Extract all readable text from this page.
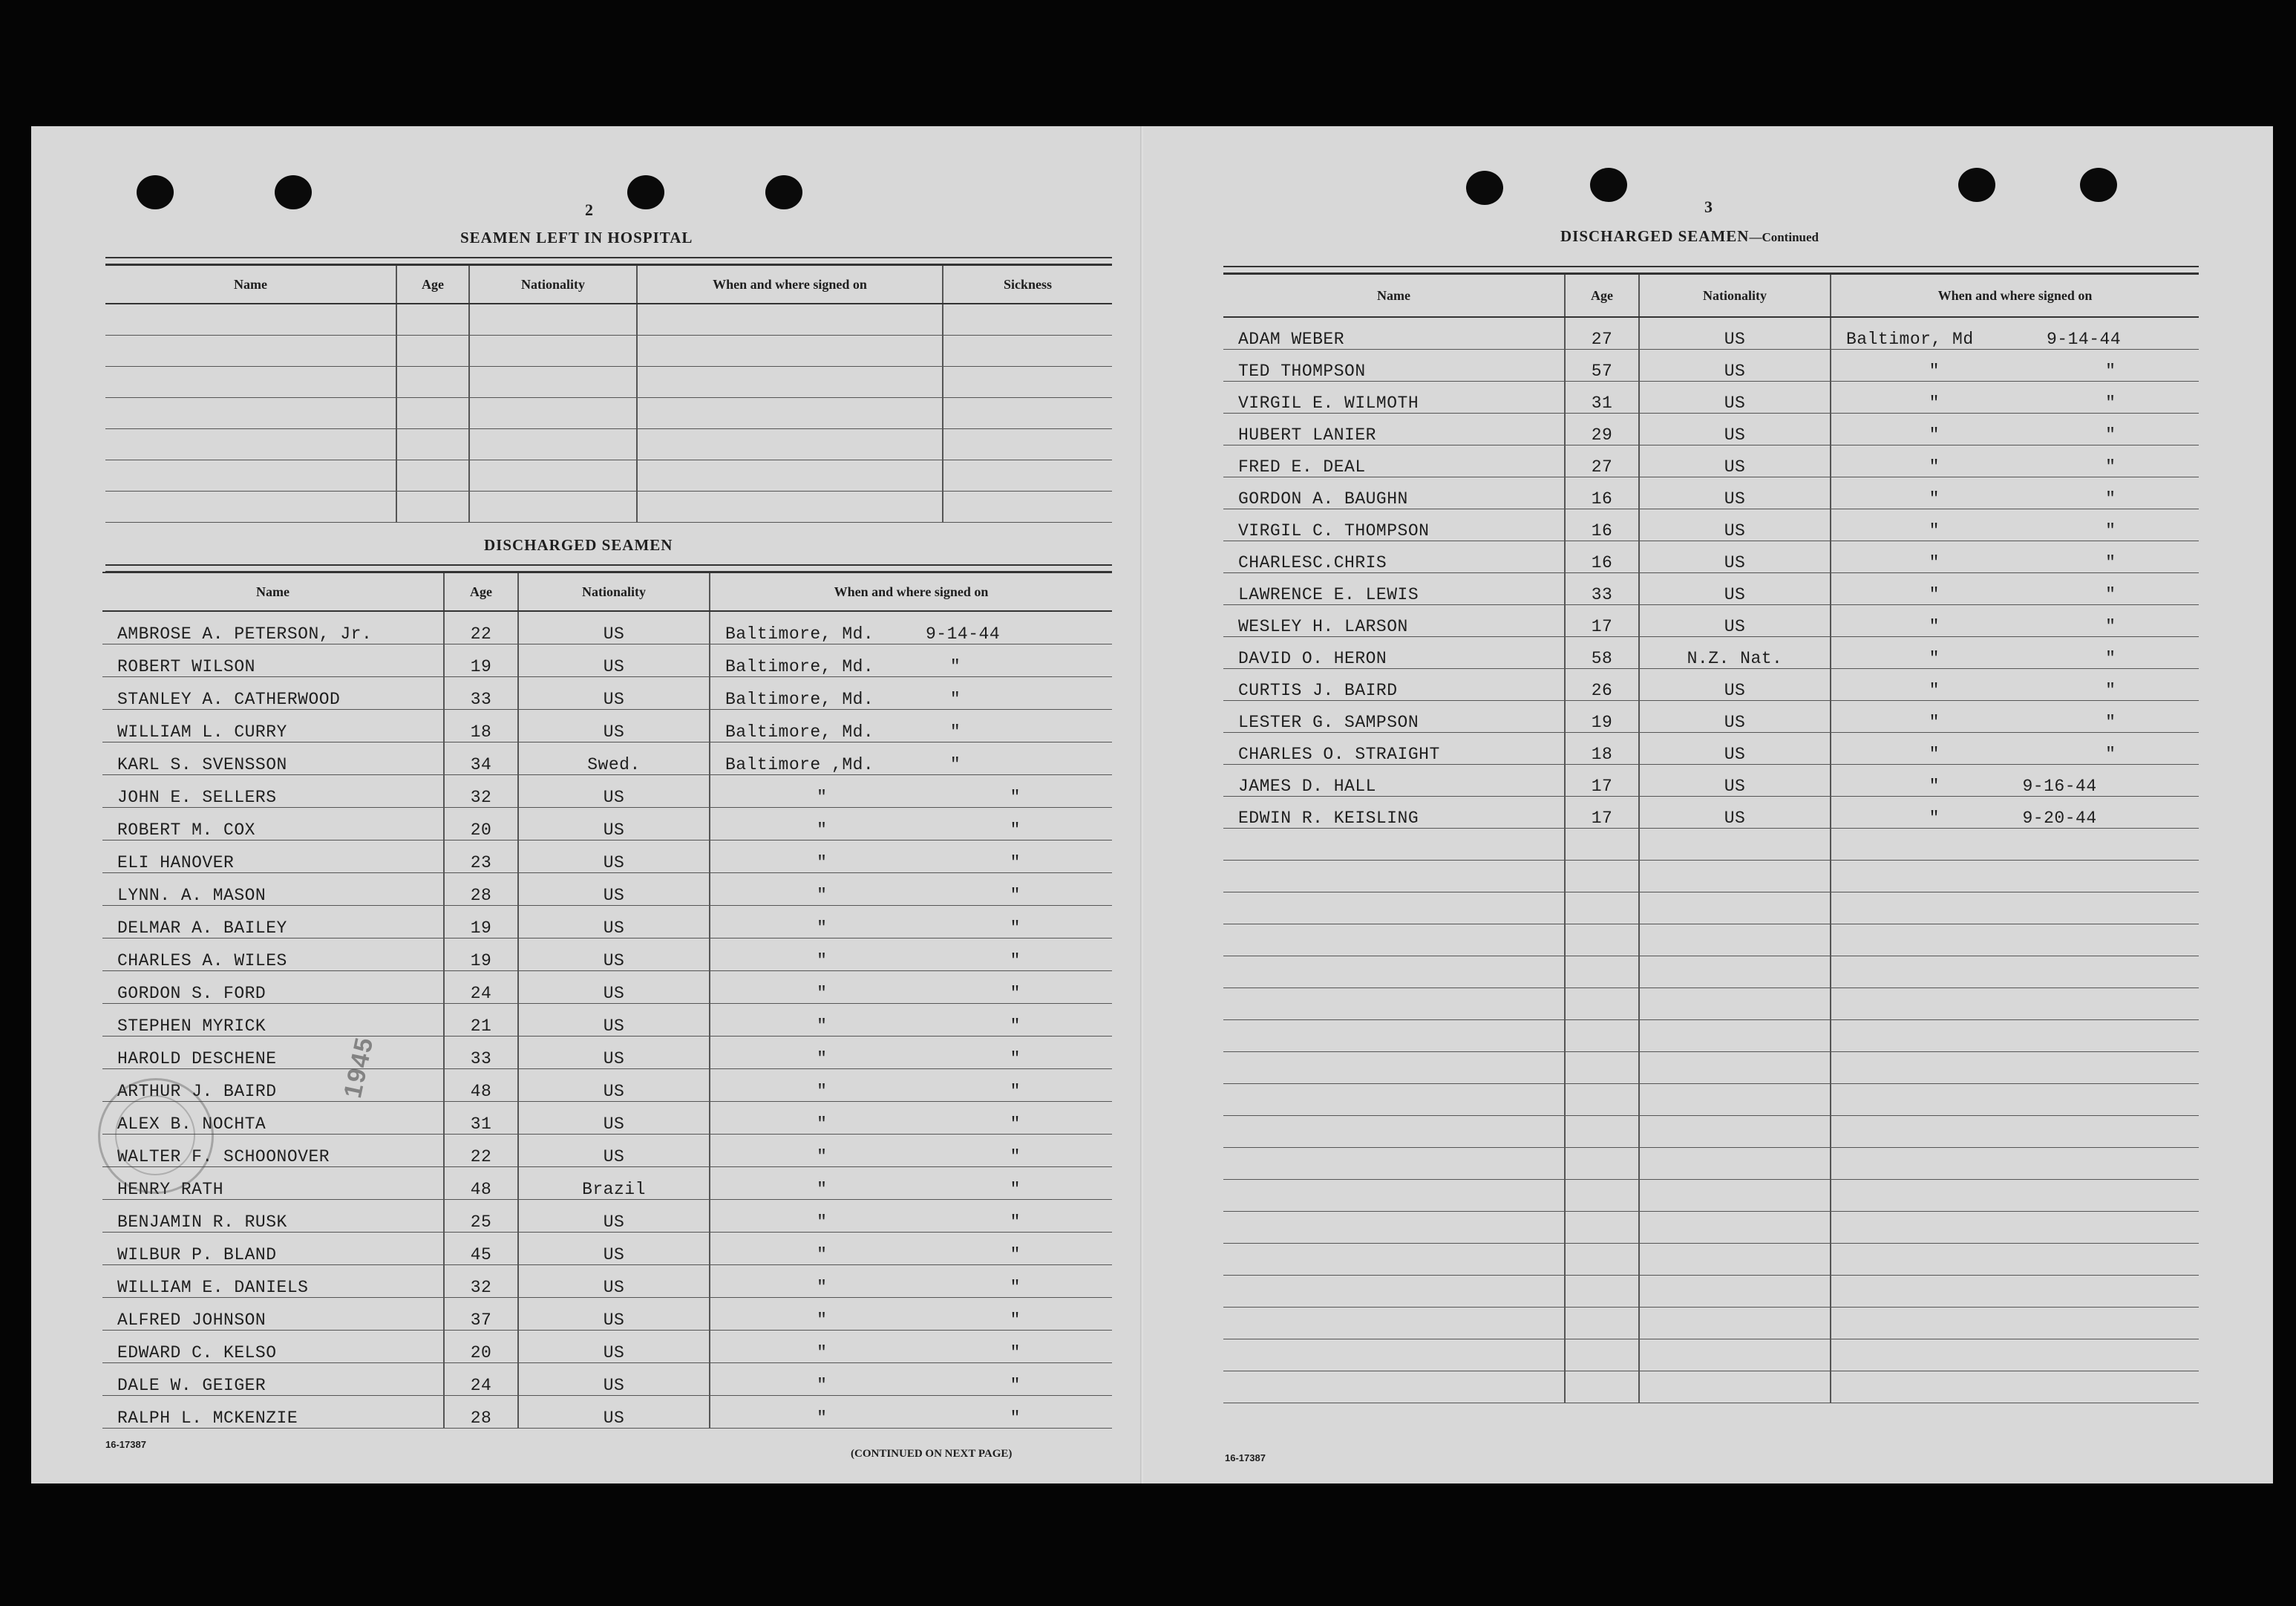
2
SEAMEN LEFT IN HOSPITAL
Name	Age	Nationality	When and where signed on	Sickness

DISCHARGED SEAMEN
Name	Age	Nationality	When and where signed on
AMBROSE A. PETERSON, Jr.	22	US	Baltimore, Md. 9-14-44
ROBERT WILSON	19	US	Baltimore, Md. "
STANLEY A. CATHERWOOD	33	US	Baltimore, Md. "
WILLIAM L. CURRY	18	US	Baltimore, Md. "
KARL S. SVENSSON	34	Swed.	Baltimore ,Md. "
JOHN E. SELLERS	32	US	" "
ROBERT M. COX	20	US	" "
ELI HANOVER	23	US	" "
LYNN. A. MASON	28	US	" "
DELMAR A. BAILEY	19	US	" "
CHARLES A. WILES	19	US	" "
GORDON S. FORD	24	US	" "
STEPHEN MYRICK	21	US	" "
HAROLD DESCHENE	33	US	" "
ARTHUR J. BAIRD	48	US	" "
ALEX B. NOCHTA	31	US	" "
WALTER F. SCHOONOVER	22	US	" "
HENRY RATH	48	Brazil	" "
BENJAMIN R. RUSK	25	US	" "
WILBUR P. BLAND	45	US	" "
WILLIAM E. DANIELS	32	US	" "
ALFRED JOHNSON	37	US	" "
EDWARD C. KELSO	20	US	" "
DALE W. GEIGER	24	US	" "
RALPH L. MCKENZIE	28	US	" "
1945
16-17387
(CONTINUED ON NEXT PAGE)
3
DISCHARGED SEAMEN—Continued
Name	Age	Nationality	When and where signed on
ADAM WEBER	27	US	Baltimor, Md 9-14-44
TED THOMPSON	57	US	" "
VIRGIL E. WILMOTH	31	US	" "
HUBERT LANIER	29	US	" "
FRED E. DEAL	27	US	" "
GORDON A. BAUGHN	16	US	" "
VIRGIL C. THOMPSON	16	US	" "
CHARLESC.CHRIS	16	US	" "
LAWRENCE E. LEWIS	33	US	" "
WESLEY H. LARSON	17	US	" "
DAVID O. HERON	58	N.Z. Nat.	" "
CURTIS J. BAIRD	26	US	" "
LESTER G. SAMPSON	19	US	" "
CHARLES O. STRAIGHT	18	US	" "
JAMES D. HALL	17	US	" 9-16-44
EDWIN R. KEISLING	17	US	" 9-20-44

16-17387
